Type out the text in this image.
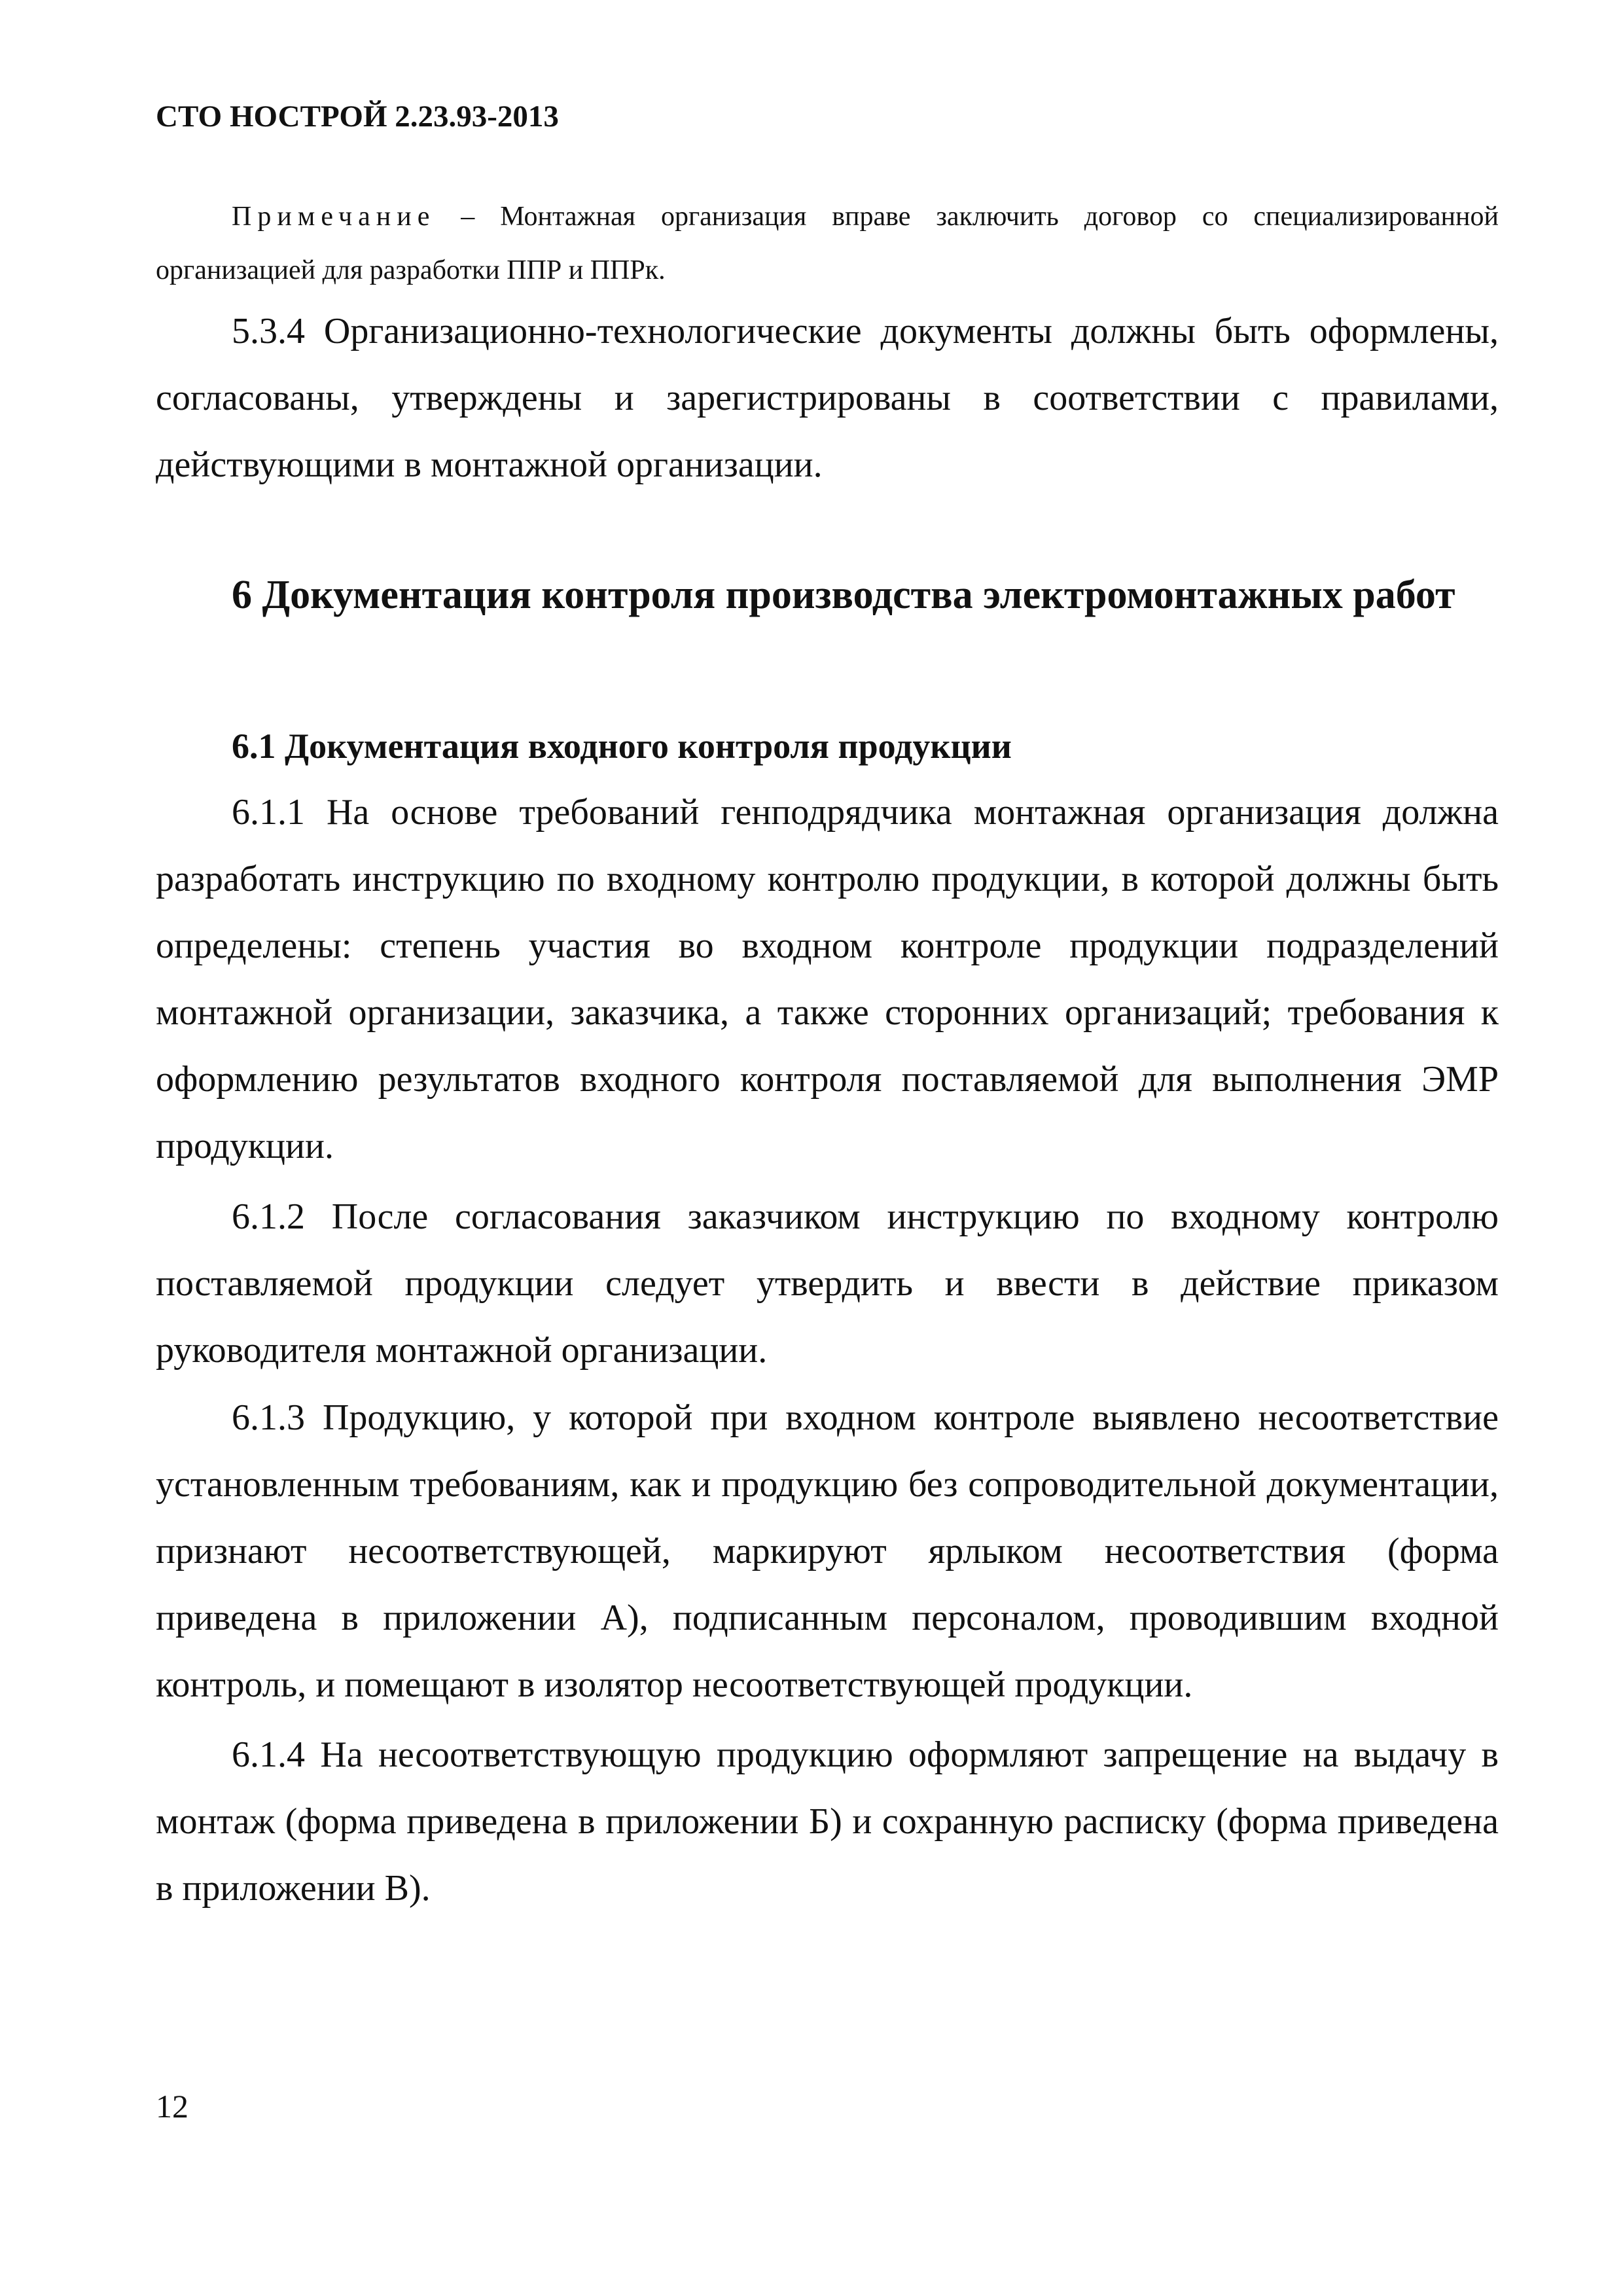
СТО НОСТРОЙ 2.23.93-2013
Примечание – Монтажная организация вправе заключить договор со специализированной организацией для разработки ППР и ППРк.

5.3.4 Организационно-технологические документы должны быть оформлены, согласованы, утверждены и зарегистрированы в соответствии с правилами, действующими в монтажной организации.

6 Документация контроля производства электромонтажных работ
6.1 Документация входного контроля продукции

6.1.1 На основе требований генподрядчика монтажная организация должна разработать инструкцию по входному контролю продукции, в которой должны быть определены: степень участия во входном контроле продукции подразделений монтажной организации, заказчика, а также сторонних организаций; требования к оформлению результатов входного контроля поставляемой для выполнения ЭМР продукции.

6.1.2 После согласования заказчиком инструкцию по входному контролю поставляемой продукции следует утвердить и ввести в действие приказом руководителя монтажной организации.

6.1.3 Продукцию, у которой при входном контроле выявлено несоответствие установленным требованиям, как и продукцию без сопроводительной документации, признают несоответствующей, маркируют ярлыком несоответствия (форма приведена в приложении А), подписанным персоналом, проводившим входной контроль, и помещают в изолятор несоответствующей продукции.

6.1.4 На несоответствующую продукцию оформляют запрещение на выдачу в монтаж (форма приведена в приложении Б) и сохранную расписку (форма приведена в приложении В).

12
